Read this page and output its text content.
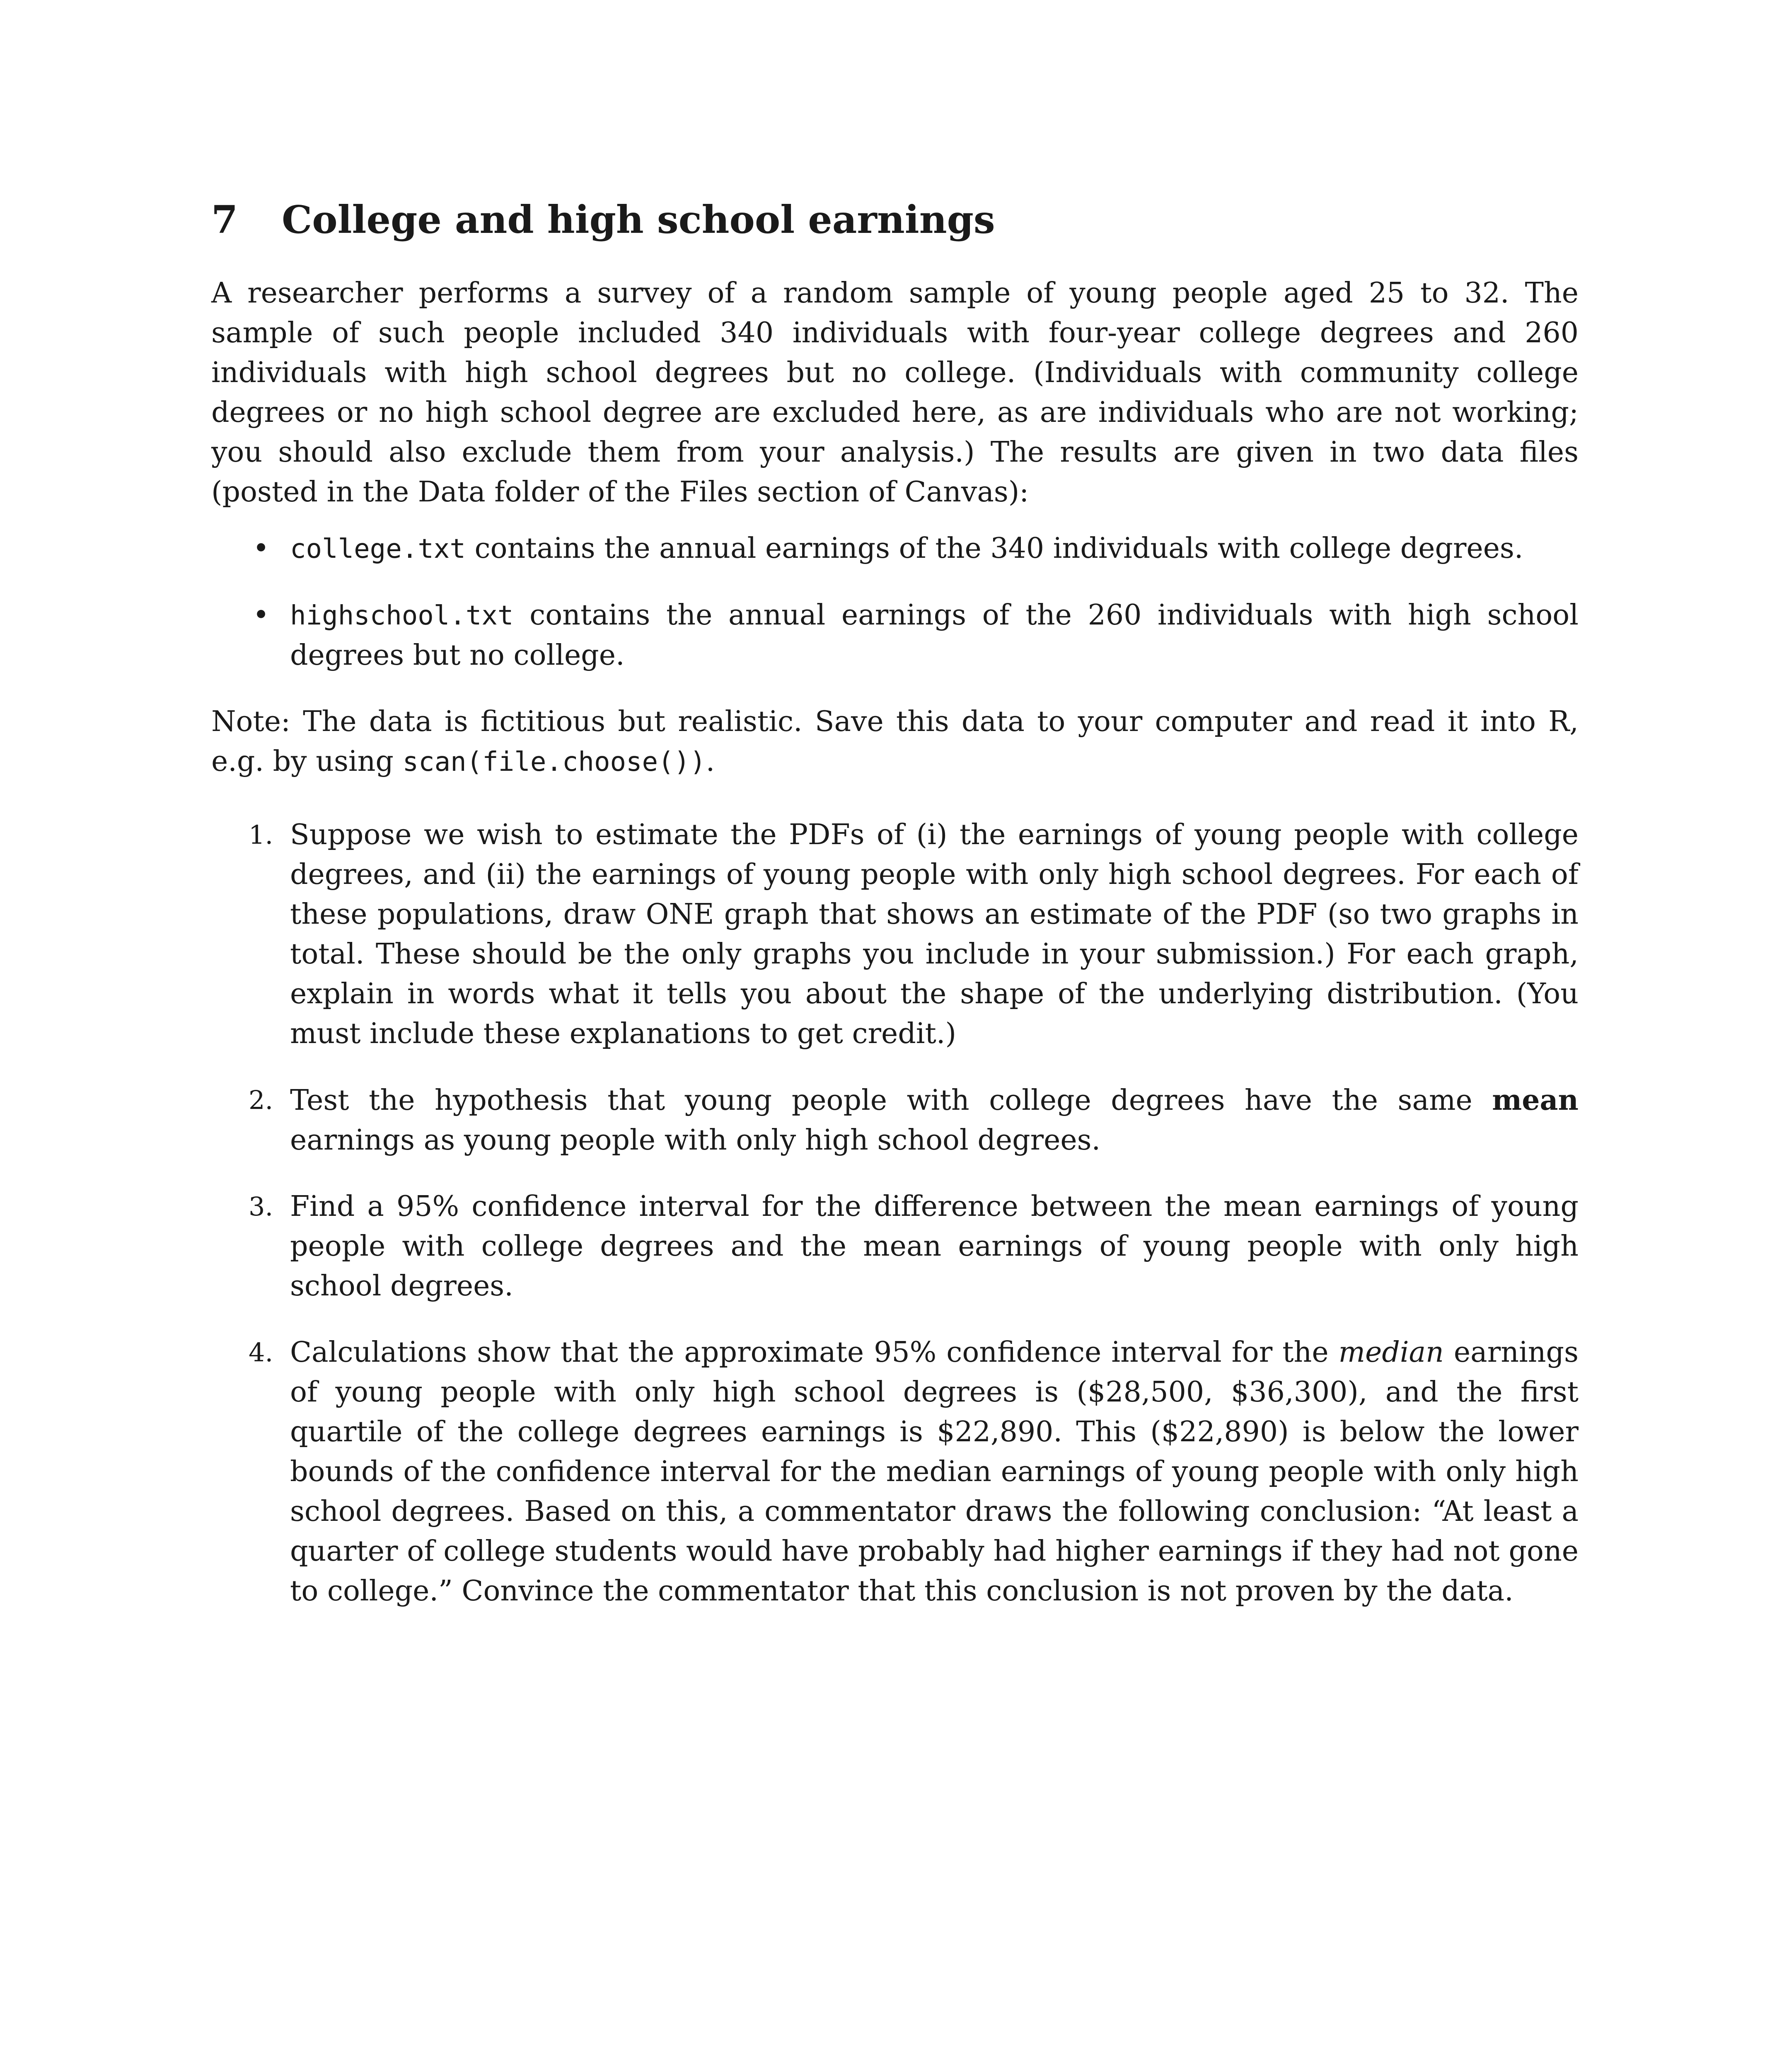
7 College and high school earnings

A researcher performs a survey of a random sample of young people aged 25 to 32. The sample of such people included 340 individuals with four-year college degrees and 260 individuals with high school degrees but no college. (Individuals with community college degrees or no high school degree are excluded here, as are individuals who are not working; you should also exclude them from your analysis.) The results are given in two data files (posted in the Data folder of the Files section of Canvas):

• college.txt contains the annual earnings of the 340 individuals with college degrees.
• highschool.txt contains the annual earnings of the 260 individuals with high school degrees but no college.

Note: The data is fictitious but realistic. Save this data to your computer and read it into R, e.g. by using scan(file.choose()).

1. Suppose we wish to estimate the PDFs of (i) the earnings of young people with college degrees, and (ii) the earnings of young people with only high school degrees. For each of these populations, draw ONE graph that shows an estimate of the PDF (so two graphs in total. These should be the only graphs you include in your submission.) For each graph, explain in words what it tells you about the shape of the underlying distribution. (You must include these explanations to get credit.)
2. Test the hypothesis that young people with college degrees have the same mean earnings as young people with only high school degrees.
3. Find a 95% confidence interval for the difference between the mean earnings of young people with college degrees and the mean earnings of young people with only high school degrees.
4. Calculations show that the approximate 95% confidence interval for the median earnings of young people with only high school degrees is ($28,500, $36,300), and the first quartile of the college degrees earnings is $22,890. This ($22,890) is below the lower bounds of the confidence interval for the median earnings of young people with only high school degrees. Based on this, a commentator draws the following conclusion: “At least a quarter of college students would have probably had higher earnings if they had not gone to college.” Convince the commentator that this conclusion is not proven by the data.
